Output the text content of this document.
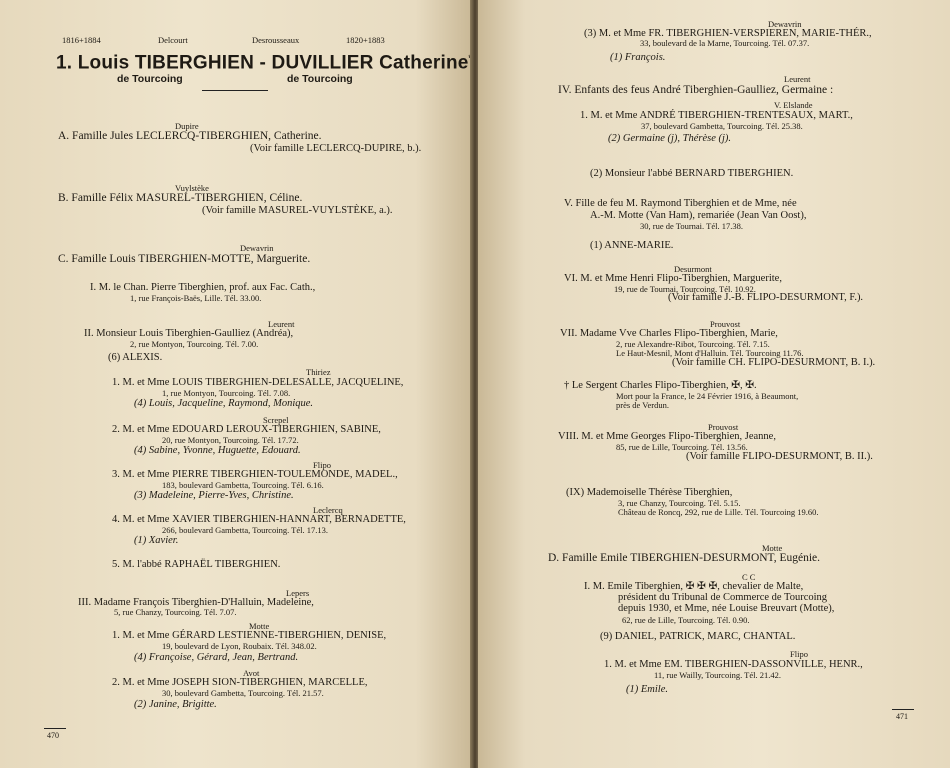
1816+1884	Delcourt	Desrousseaux	1820+1883
1. Louis TIBERGHIEN - DUVILLIER Catherine
de Tourcoing	de Tourcoing
Dupire
A. Famille Jules LECLERCQ-TIBERGHIEN, Catherine.
(Voir famille LECLERCQ-DUPIRE, b.).
Vuylstèke
B. Famille Félix MASUREL-TIBERGHIEN, Céline.
(Voir famille MASUREL-VUYLSTÈKE, a.).
Dewavrin
C. Famille Louis TIBERGHIEN-MOTTE, Marguerite.
I. M. le Chan. Pierre Tiberghien, prof. aux Fac. Cath.,
1, rue François-Baës, Lille. Tél. 33.00.
Leurent
II. Monsieur Louis Tiberghien-Gaulliez (Andréa),
2, rue Montyon, Tourcoing. Tél. 7.00.
(6) ALEXIS.
Thiriez
1. M. et Mme LOUIS TIBERGHIEN-DELESALLE, JACQUELINE,
1, rue Montyon, Tourcoing. Tél. 7.08.
(4) Louis, Jacqueline, Raymond, Monique.
Screpel
2. M. et Mme EDOUARD LEROUX-TIBERGHIEN, SABINE,
20, rue Montyon, Tourcoing. Tél. 17.72.
(4) Sabine, Yvonne, Huguette, Edouard.
Flipo
3. M. et Mme PIERRE TIBERGHIEN-TOULEMONDE, MADEL.,
183, boulevard Gambetta, Tourcoing. Tél. 6.16.
(3) Madeleine, Pierre-Yves, Christine.
Leclercq
4. M. et Mme XAVIER TIBERGHIEN-HANNART, BERNADETTE,
266, boulevard Gambetta, Tourcoing. Tél. 17.13.
(1) Xavier.
5. M. l'abbé RAPHAËL TIBERGHIEN.
Lepers
III. Madame François Tiberghien-D'Halluin, Madeleine,
5, rue Chanzy, Tourcoing. Tél. 7.07.
Motte
1. M. et Mme GÉRARD LESTIENNE-TIBERGHIEN, DENISE,
19, boulevard de Lyon, Roubaix. Tél. 348.02.
(4) Françoise, Gérard, Jean, Bertrand.
Avot
2. M. et Mme JOSEPH SION-TIBERGHIEN, MARCELLE,
30, boulevard Gambetta, Tourcoing. Tél. 21.57.
(2) Janine, Brigitte.
470
Dewavrin
(3) M. et Mme FR. TIBERGHIEN-VERSPIEREN, MARIE-THÉR.,
33, boulevard de la Marne, Tourcoing. Tél. 07.37.
(1) François.
Leurent
IV. Enfants des feus André Tiberghien-Gaulliez, Germaine :
V. Elslande
1. M. et Mme ANDRÉ TIBERGHIEN-TRENTESAUX, MART.,
37, boulevard Gambetta, Tourcoing. Tél. 25.38.
(2) Germaine (j), Thérèse (j).
(2) Monsieur l'abbé BERNARD TIBERGHIEN.
V. Fille de feu M. Raymond Tiberghien et de Mme, née
A.-M. Motte (Van Ham), remariée (Jean Van Oost),
30, rue de Tournai. Tél. 17.38.
(1) ANNE-MARIE.
Desurmont
VI. M. et Mme Henri Flipo-Tiberghien, Marguerite,
19, rue de Tournai, Tourcoing. Tél. 10.92.
(Voir famille J.-B. FLIPO-DESURMONT, F.).
Prouvost
VII. Madame Vve Charles Flipo-Tiberghien, Marie,
2, rue Alexandre-Ribot, Tourcoing. Tél. 7.15.
Le Haut-Mesnil, Mont d'Halluin. Tél. Tourcoing 11.76.
(Voir famille CH. FLIPO-DESURMONT, B. I.).
† Le Sergent Charles Flipo-Tiberghien, ✠, ✠.
Mort pour la France, le 24 Février 1916, à Beaumont,
près de Verdun.
Prouvost
VIII. M. et Mme Georges Flipo-Tiberghien, Jeanne,
85, rue de Lille, Tourcoing. Tél. 13.56.
(Voir famille FLIPO-DESURMONT, B. II.).
(IX) Mademoiselle Thérèse Tiberghien,
3, rue Chanzy, Tourcoing. Tél. 5.15.
Château de Roncq, 292, rue de Lille. Tél. Tourcoing 19.60.
Motte
D. Famille Emile TIBERGHIEN-DESURMONT, Eugénie.
C C
I. M. Emile Tiberghien, ✠ ✠ ✠, chevalier de Malte,
président du Tribunal de Commerce de Tourcoing
depuis 1930, et Mme, née Louise Breuvart (Motte),
62, rue de Lille, Tourcoing. Tél. 0.90.
(9) DANIEL, PATRICK, MARC, CHANTAL.
Flipo
1. M. et Mme EM. TIBERGHIEN-DASSONVILLE, HENR.,
11, rue Wailly, Tourcoing. Tél. 21.42.
(1) Emile.
471
